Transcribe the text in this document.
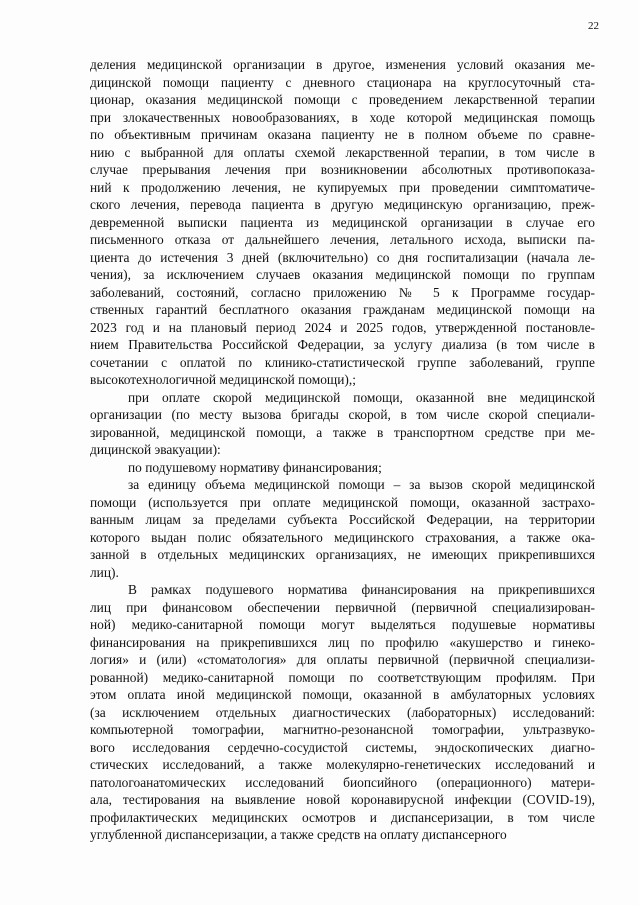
22
деления медицинской организации в другое, изменения условий оказания ме-
дицинской помощи пациенту с дневного стационара на круглосуточный ста-
ционар, оказания медицинской помощи с проведением лекарственной терапии
при злокачественных новообразованиях, в ходе которой медицинская помощь
по объективным причинам оказана пациенту не в полном объеме по сравне-
нию с выбранной для оплаты схемой лекарственной терапии, в том числе в
случае прерывания лечения при возникновении абсолютных противопоказа-
ний к продолжению лечения, не купируемых при проведении симптоматиче-
ского лечения, перевода пациента в другую медицинскую организацию, преж-
девременной выписки пациента из медицинской организации в случае его
письменного отказа от дальнейшего лечения, летального исхода, выписки па-
циента до истечения 3 дней (включительно) со дня госпитализации (начала ле-
чения), за исключением случаев оказания медицинской помощи по группам
заболеваний, состояний, согласно приложению № 5 к Программе государ-
ственных гарантий бесплатного оказания гражданам медицинской помощи на
2023 год и на плановый период 2024 и 2025 годов, утвержденной постановле-
нием Правительства Российской Федерации, за услугу диализа (в том числе в
сочетании с оплатой по клинико-статистической группе заболеваний, группе
высокотехнологичной медицинской помощи),;
при оплате скорой медицинской помощи, оказанной вне медицинской
организации (по месту вызова бригады скорой, в том числе скорой специали-
зированной, медицинской помощи, а также в транспортном средстве при ме-
дицинской эвакуации):
по подушевому нормативу финансирования;
за единицу объема медицинской помощи – за вызов скорой медицинской
помощи (используется при оплате медицинской помощи, оказанной застрахо-
ванным лицам за пределами субъекта Российской Федерации, на территории
которого выдан полис обязательного медицинского страхования, а также ока-
занной в отдельных медицинских организациях, не имеющих прикрепившихся
лиц).
В рамках подушевого норматива финансирования на прикрепившихся
лиц при финансовом обеспечении первичной (первичной специализирован-
ной) медико-санитарной помощи могут выделяться подушевые нормативы
финансирования на прикрепившихся лиц по профилю «акушерство и гинеко-
логия» и (или) «стоматология» для оплаты первичной (первичной специализи-
рованной) медико-санитарной помощи по соответствующим профилям. При
этом оплата иной медицинской помощи, оказанной в амбулаторных условиях
(за исключением отдельных диагностических (лабораторных) исследований:
компьютерной томографии, магнитно-резонансной томографии, ультразвуко-
вого исследования сердечно-сосудистой системы, эндоскопических диагно-
стических исследований, а также молекулярно-генетических исследований и
патологоанатомических исследований биопсийного (операционного) матери-
ала, тестирования на выявление новой коронавирусной инфекции (COVID-19),
профилактических медицинских осмотров и диспансеризации, в том числе
углубленной диспансеризации, а также средств на оплату диспансерного
